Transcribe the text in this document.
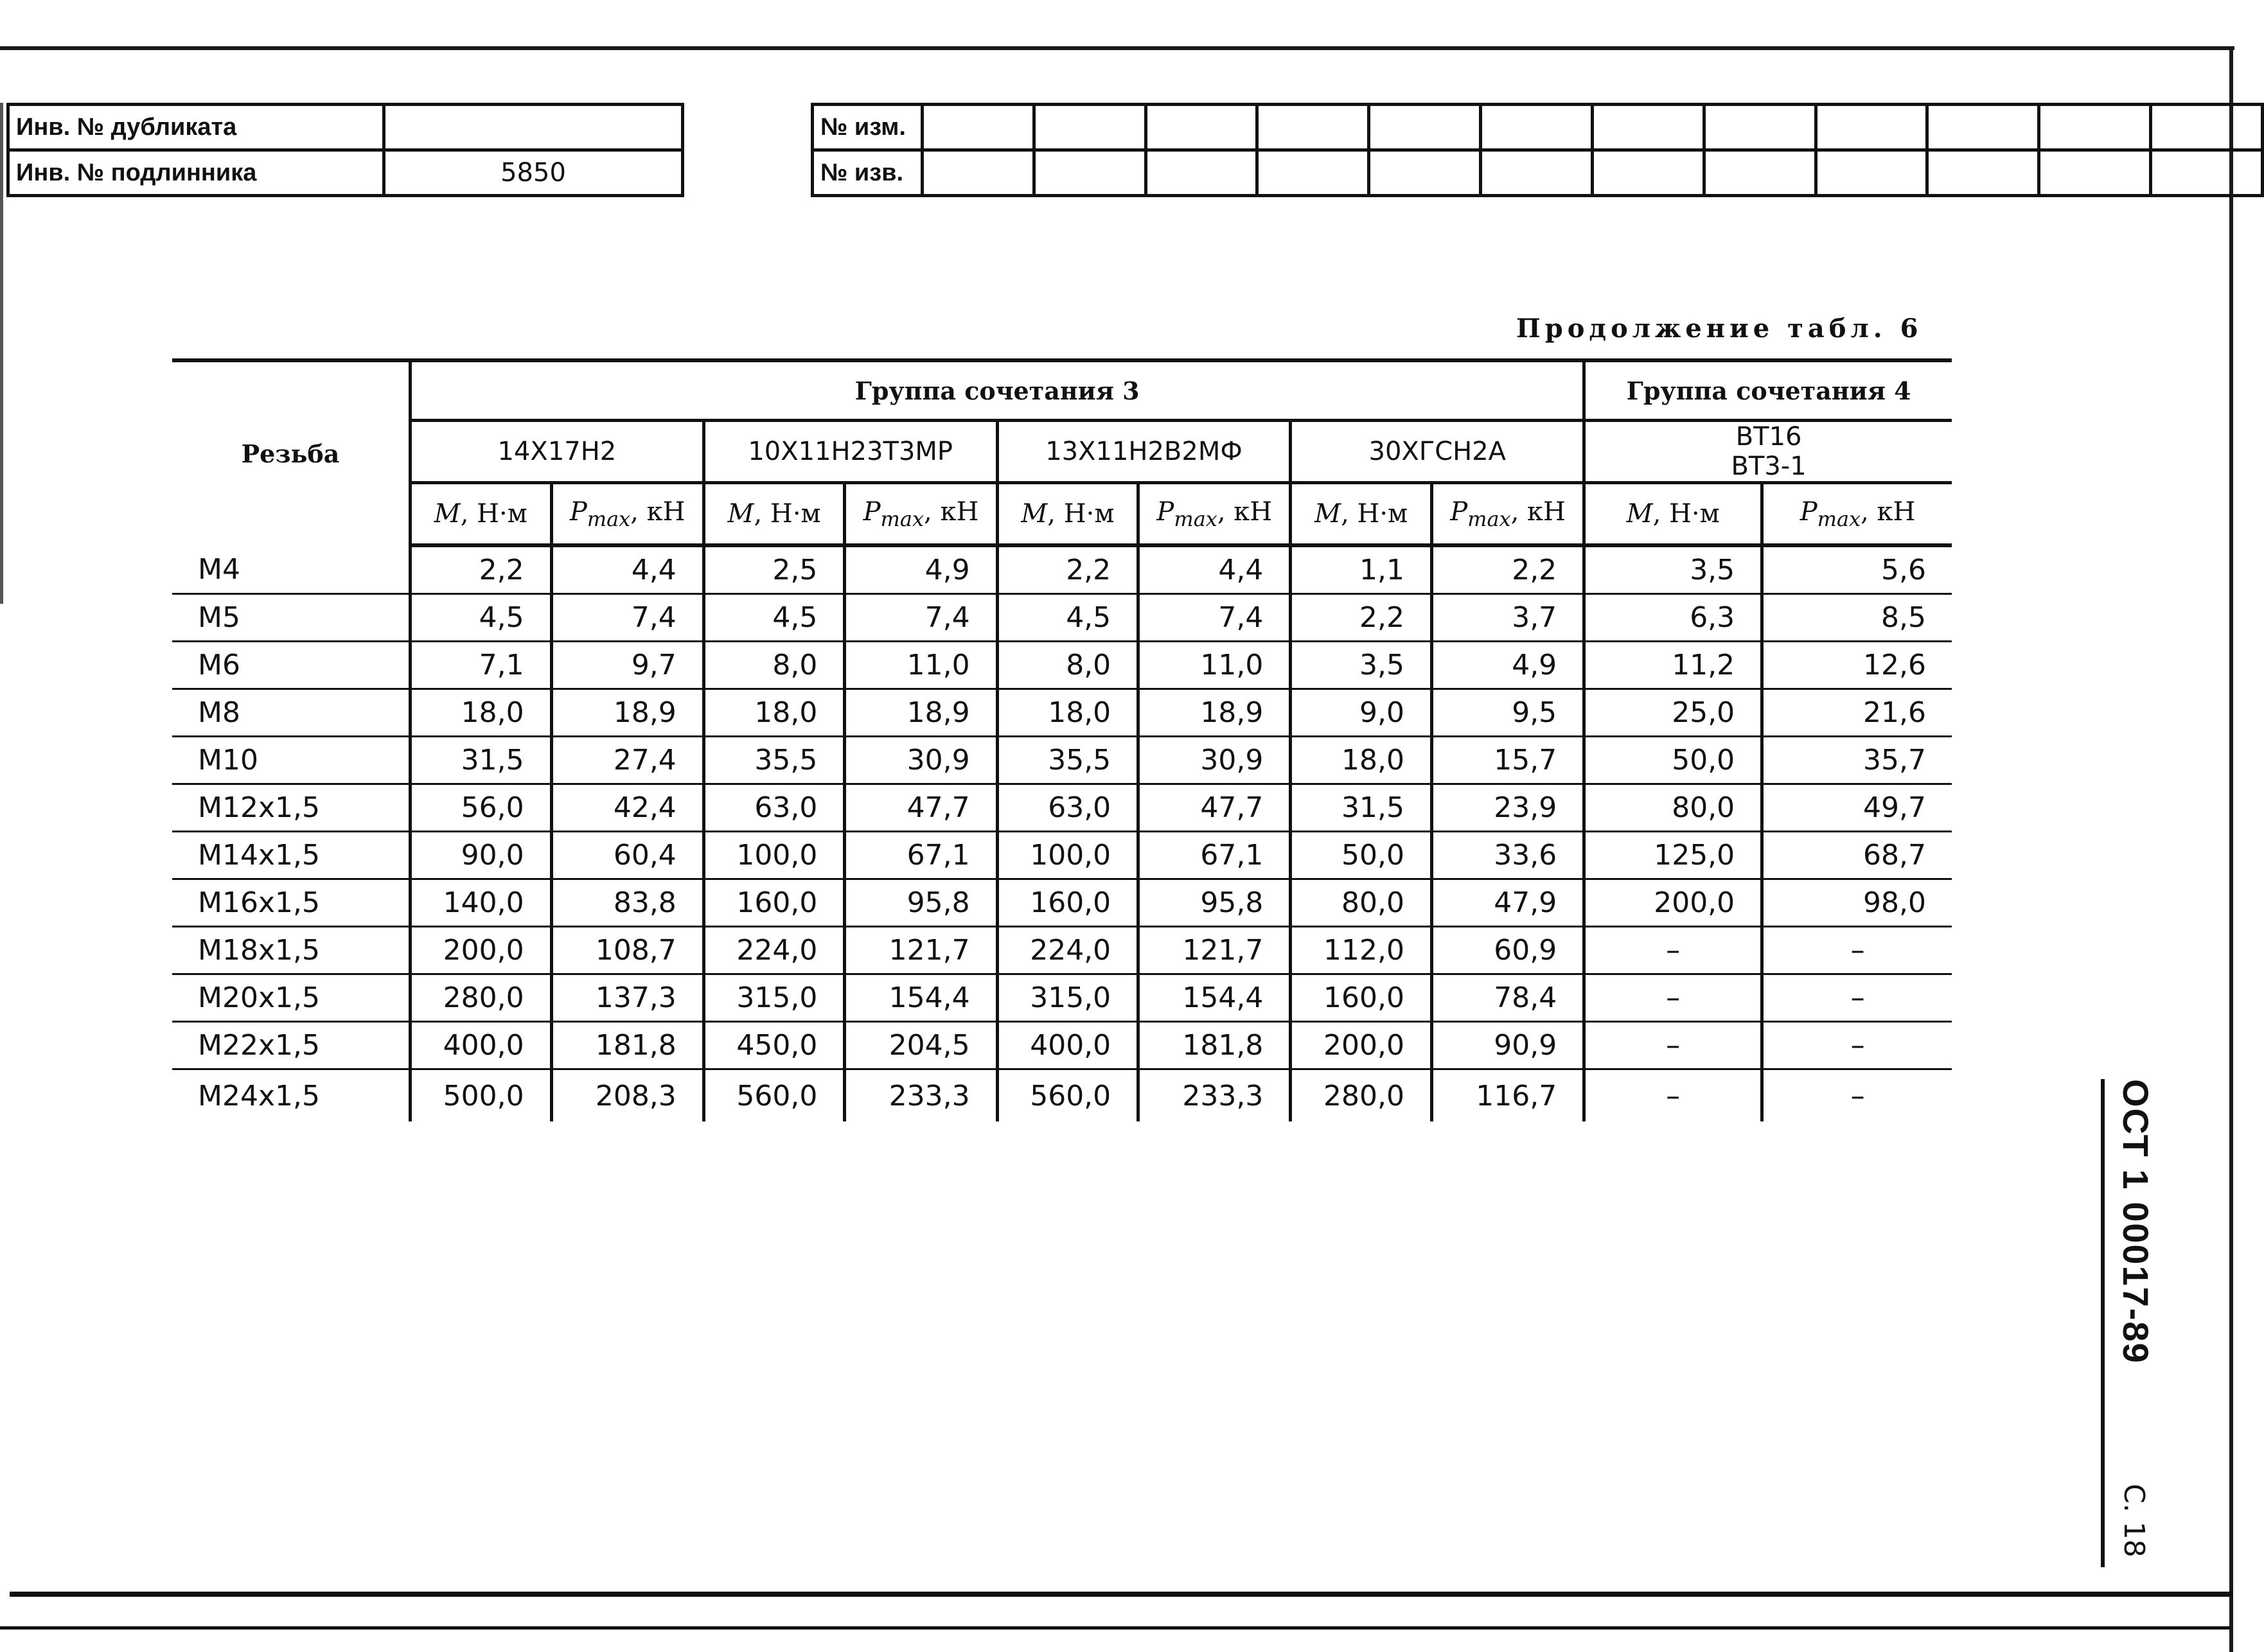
Инв. № дубликата	
Инв. № подлинника	5850
№ изм.												
№ изв.												
Продолжение табл. 6
Резьба	Группа сочетания 3								Группа сочетания 4	
	14Х17Н2		10Х11Н23Т3МР		13Х11Н2В2МФ		30ХГСН2А		ВТ16
ВТ3-1	
	M, Н·м	$P_{max}$, кН	M, Н·м	$P_{max}$, кН	M, Н·м	$P_{max}$, кН	M, Н·м	$P_{max}$, кН	M, Н·м	$P_{max}$, кН
М4	2,2	4,4	2,5	4,9	2,2	4,4	1,1	2,2	3,5	5,6
М5	4,5	7,4	4,5	7,4	4,5	7,4	2,2	3,7	6,3	8,5
М6	7,1	9,7	8,0	11,0	8,0	11,0	3,5	4,9	11,2	12,6
М8	18,0	18,9	18,0	18,9	18,0	18,9	9,0	9,5	25,0	21,6
М10	31,5	27,4	35,5	30,9	35,5	30,9	18,0	15,7	50,0	35,7
М12х1,5	56,0	42,4	63,0	47,7	63,0	47,7	31,5	23,9	80,0	49,7
М14х1,5	90,0	60,4	100,0	67,1	100,0	67,1	50,0	33,6	125,0	68,7
М16х1,5	140,0	83,8	160,0	95,8	160,0	95,8	80,0	47,9	200,0	98,0
М18х1,5	200,0	108,7	224,0	121,7	224,0	121,7	112,0	60,9	–	–
М20х1,5	280,0	137,3	315,0	154,4	315,0	154,4	160,0	78,4	–	–
М22х1,5	400,0	181,8	450,0	204,5	400,0	181,8	200,0	90,9	–	–
М24х1,5	500,0	208,3	560,0	233,3	560,0	233,3	280,0	116,7	–	–	ОСТ 1 00017-89
С. 18
